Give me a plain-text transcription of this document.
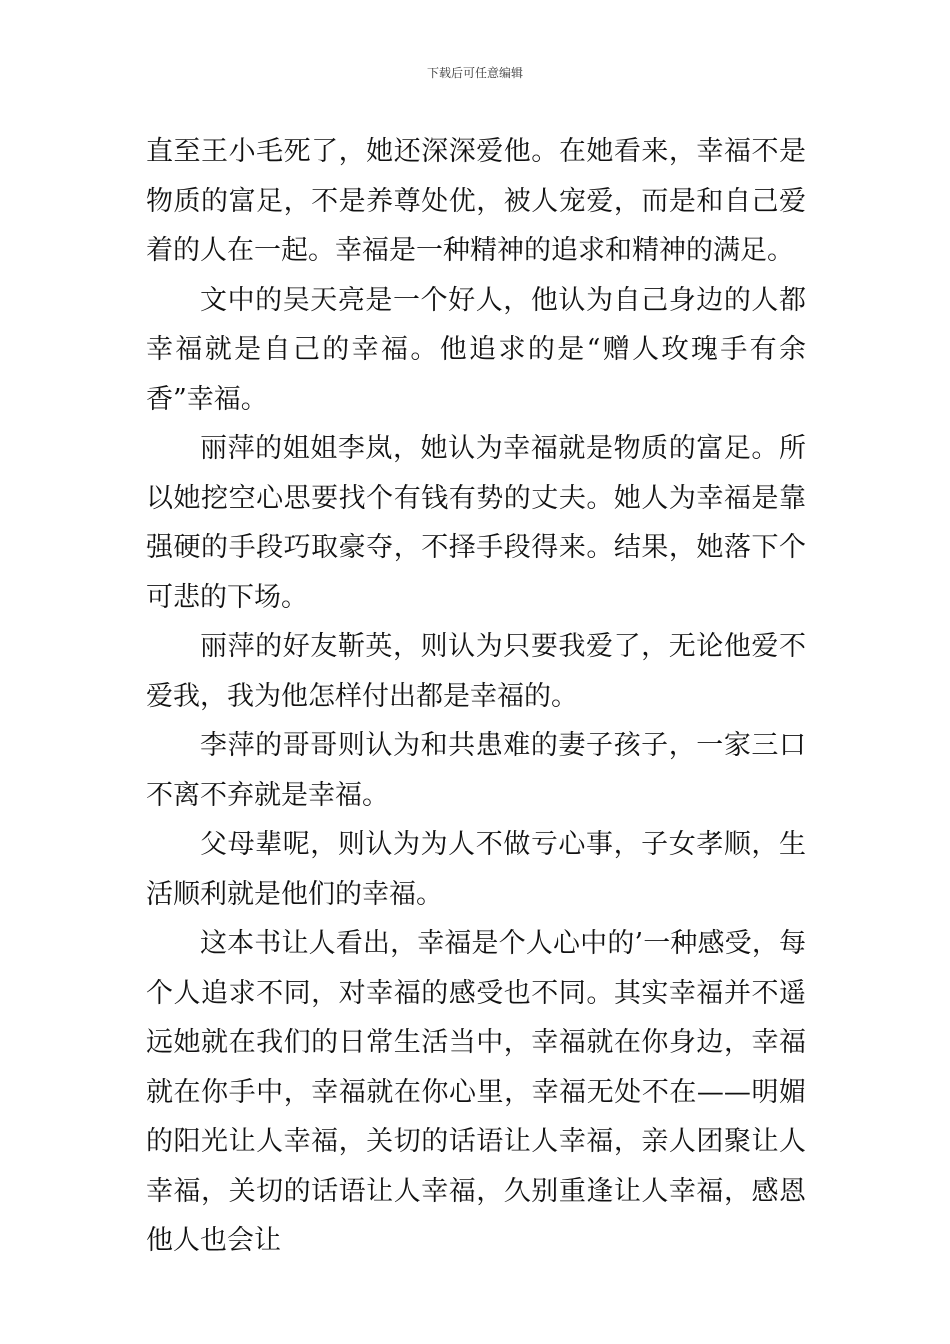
下载后可任意编辑

直至王小毛死了，她还深深爱他。在她看来，幸福不是物质的富足，不是养尊处优，被人宠爱，而是和自己爱着的人在一起。幸福是一种精神的追求和精神的满足。

文中的吴天亮是一个好人，他认为自己身边的人都幸福就是自己的幸福。他追求的是“赠人玫瑰手有余香”幸福。

丽萍的姐姐李岚，她认为幸福就是物质的富足。所以她挖空心思要找个有钱有势的丈夫。她人为幸福是靠强硬的手段巧取豪夺，不择手段得来。结果，她落下个可悲的下场。

丽萍的好友靳英，则认为只要我爱了，无论他爱不爱我，我为他怎样付出都是幸福的。

李萍的哥哥则认为和共患难的妻子孩子，一家三口不离不弃就是幸福。

父母辈呢，则认为为人不做亏心事，子女孝顺，生活顺利就是他们的幸福。

这本书让人看出，幸福是个人心中的’一种感受，每个人追求不同，对幸福的感受也不同。其实幸福并不遥远她就在我们的日常生活当中，幸福就在你身边，幸福就在你手中，幸福就在你心里，幸福无处不在——明媚的阳光让人幸福，关切的话语让人幸福，亲人团聚让人幸福，关切的话语让人幸福，久别重逢让人幸福，感恩他人也会让
